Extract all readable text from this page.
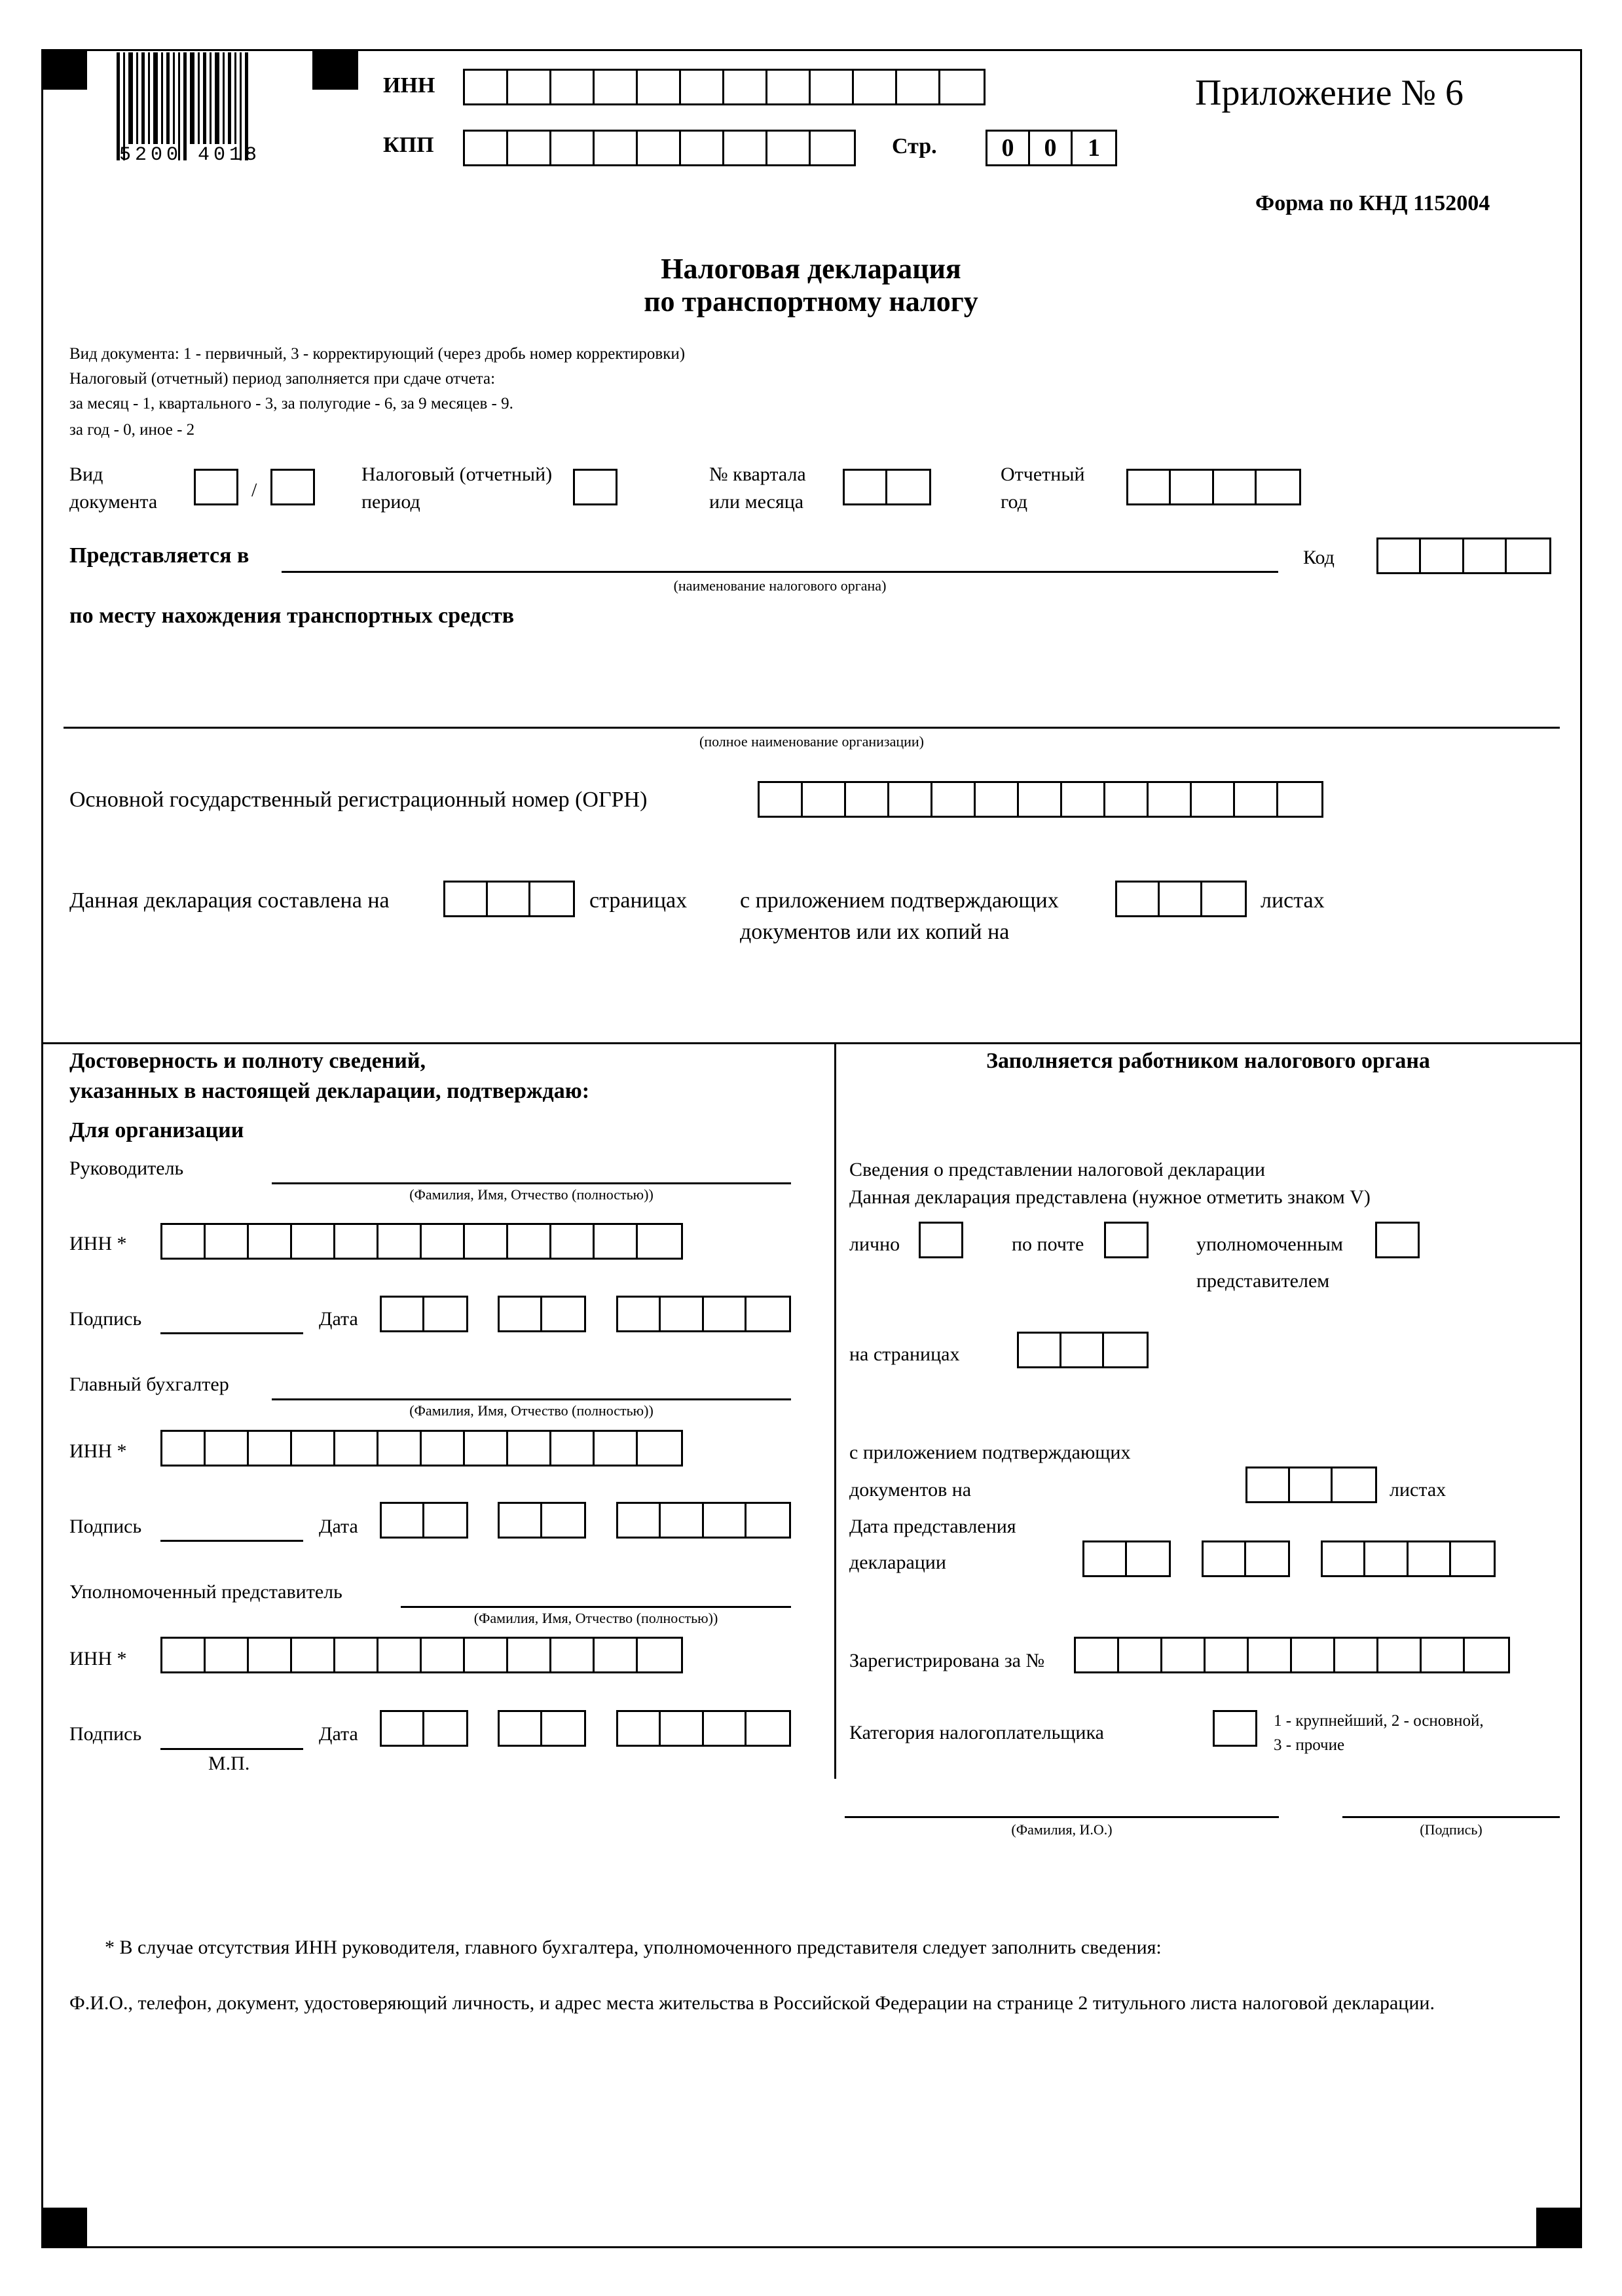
5200 4018
ИНН
КПП	Стр.	0	0	1
Приложение № 6
Форма по КНД 1152004
Налоговая декларация
по транспортному налогу
Вид документа: 1 - первичный, 3 - корректирующий (через дробь номер корректировки)
Налоговый (отчетный) период заполняется при сдаче отчета:
за месяц - 1, квартального - 3, за полугодие - 6, за 9 месяцев - 9.
за год - 0, иное - 2
Вид
документа
/
Налоговый (отчетный)
период
№ квартала
или месяца
Отчетный
год
Представляется в
(наименование налогового органа)
Код
по месту нахождения транспортных средств
(полное наименование организации)
Основной государственный регистрационный номер (ОГРН)
Данная декларация составлена на	страницах с приложением подтверждающих
документов или их копий на
листах
Достоверность и полноту сведений,
указанных в настоящей декларации, подтверждаю:
Для организации
Руководитель
(Фамилия, Имя, Отчество (полностью))
ИНН *
Подпись	Дата
Главный бухгалтер
(Фамилия, Имя, Отчество (полностью))
ИНН *
Подпись	Дата
Уполномоченный представитель
(Фамилия, Имя, Отчество (полностью))
ИНН *
Подпись	Дата
М.П.
Заполняется работником налогового органа
Сведения о представлении налоговой декларации
Данная декларация представлена (нужное отметить знаком V)
лично	по почте	уполномоченным
представителем
на страницах
с приложением подтверждающих
документов на	листах
Дата представления
декларации
Зарегистрирована за №
Категория налогоплательщика
1 - крупнейший, 2 - основной,
3 - прочие
(Фамилия, И.О.)	(Подпись)
* В случае отсутствия ИНН руководителя, главного бухгалтера, уполномоченного представителя следует заполнить сведения:
Ф.И.О., телефон, документ, удостоверяющий личность, и адрес места жительства в Российской Федерации на странице 2 титульного листа налоговой декларации.
